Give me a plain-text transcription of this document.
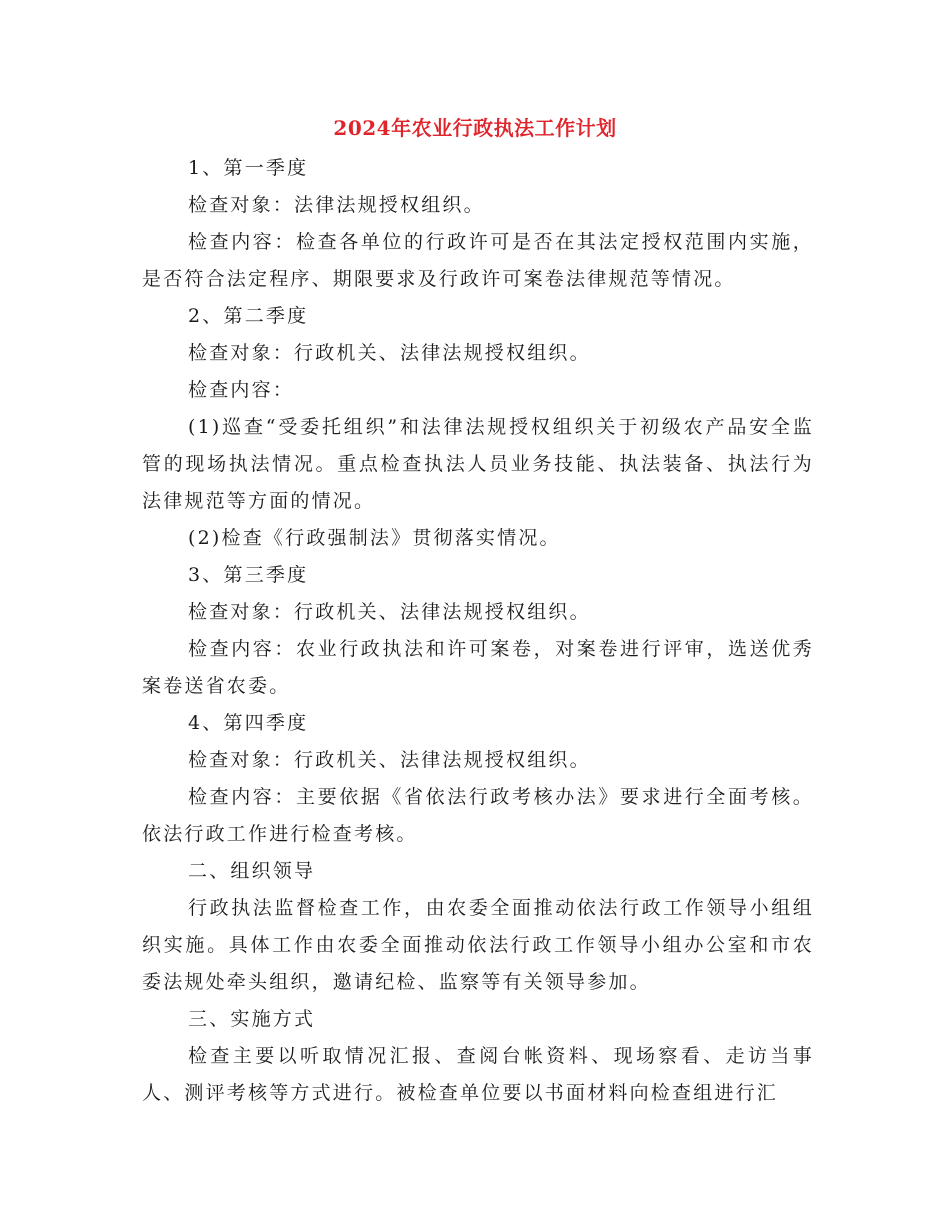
2024年农业行政执法工作计划

1、第一季度

检查对象：法律法规授权组织。

检查内容：检查各单位的行政许可是否在其法定授权范围内实施，是否符合法定程序、期限要求及行政许可案卷法律规范等情况。

2、第二季度

检查对象：行政机关、法律法规授权组织。

检查内容：

(1)巡查“受委托组织”和法律法规授权组织关于初级农产品安全监管的现场执法情况。重点检查执法人员业务技能、执法装备、执法行为法律规范等方面的情况。

(2)检查《行政强制法》贯彻落实情况。

3、第三季度

检查对象：行政机关、法律法规授权组织。

检查内容：农业行政执法和许可案卷，对案卷进行评审，选送优秀案卷送省农委。

4、第四季度

检查对象：行政机关、法律法规授权组织。

检查内容：主要依据《省依法行政考核办法》要求进行全面考核。依法行政工作进行检查考核。

二、组织领导

行政执法监督检查工作，由农委全面推动依法行政工作领导小组组织实施。具体工作由农委全面推动依法行政工作领导小组办公室和市农委法规处牵头组织，邀请纪检、监察等有关领导参加。

三、实施方式

检查主要以听取情况汇报、查阅台帐资料、现场察看、走访当事人、测评考核等方式进行。被检查单位要以书面材料向检查组进行汇
